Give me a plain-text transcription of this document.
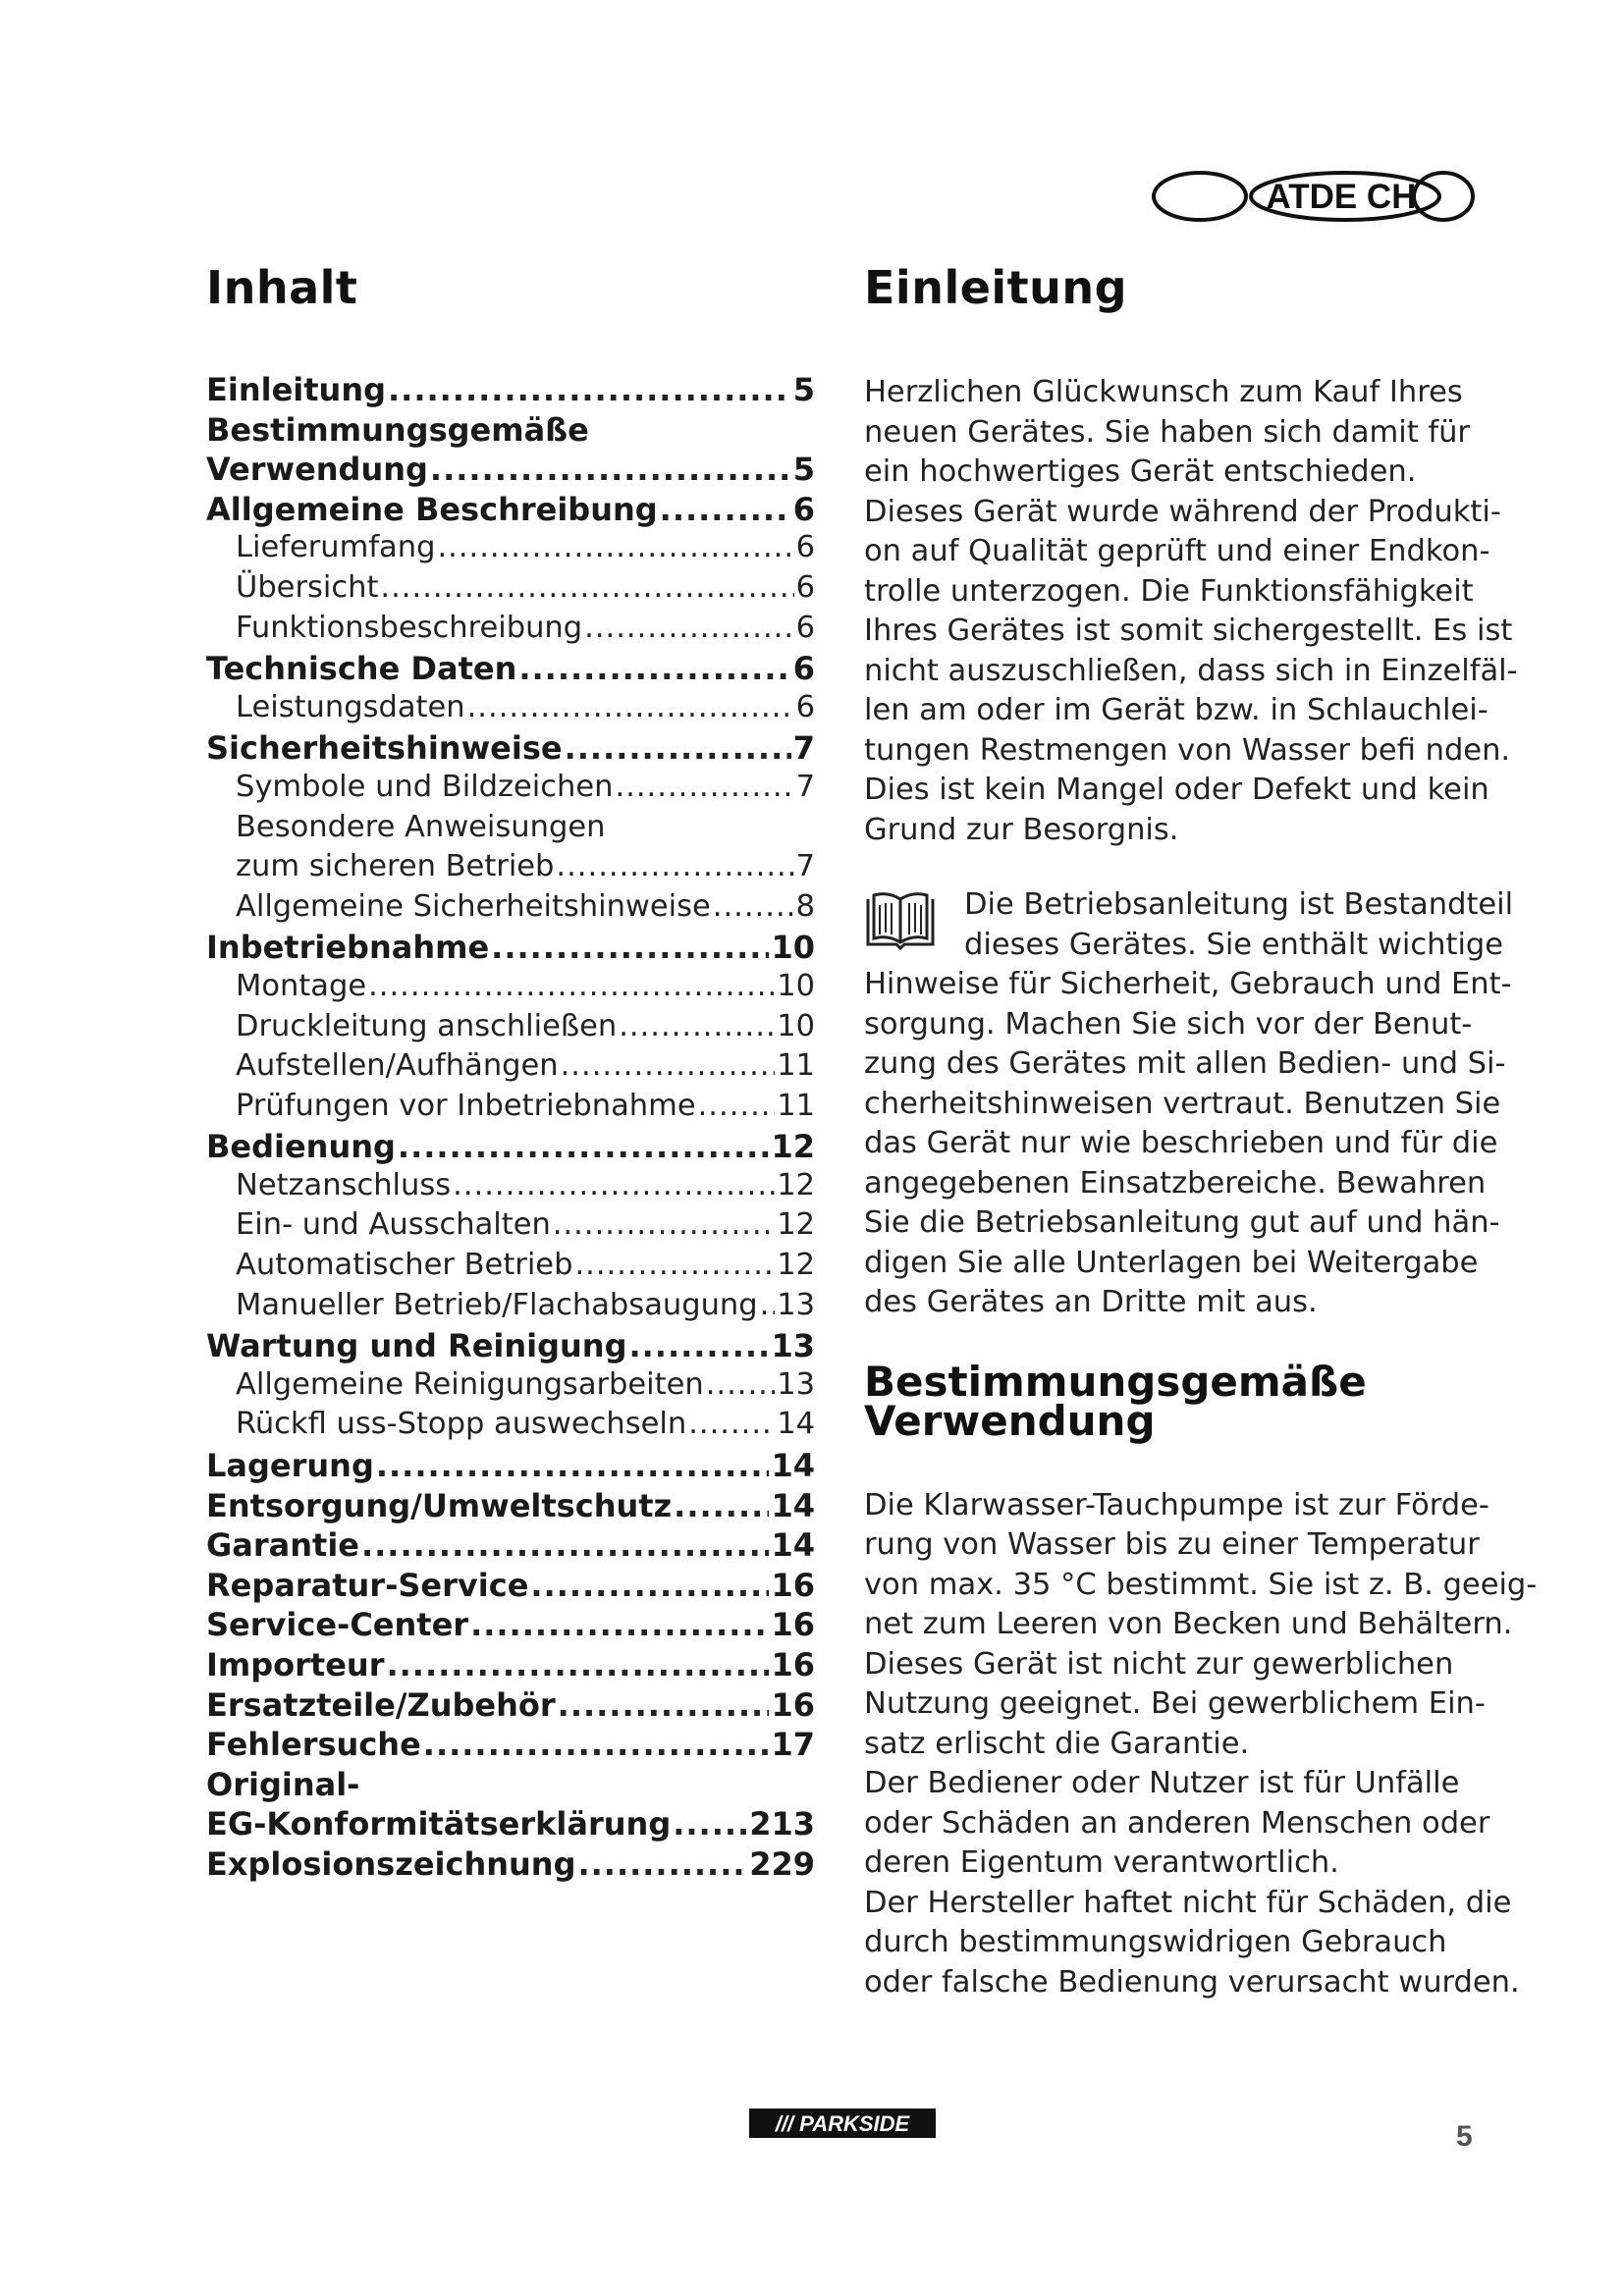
ATDE CH
Inhalt
Einleitung .....	5
Bestimmungsgemäße
Verwendung .....	5
Allgemeine Beschreibung .....	6
Lieferumfang .....	6
Übersicht .....	6
Funktionsbeschreibung .....	6
Technische Daten .....	6
Leistungsdaten .....	6
Sicherheitshinweise .....	7
Symbole und Bildzeichen .....	7
Besondere Anweisungen
zum sicheren Betrieb .....	7
Allgemeine Sicherheitshinweise .....	8
Inbetriebnahme .....	10
Montage .....	10
Druckleitung anschließen .....	10
Aufstellen/Aufhängen .....	11
Prüfungen vor Inbetriebnahme .....	11
Bedienung .....	12
Netzanschluss .....	12
Ein- und Ausschalten .....	12
Automatischer Betrieb .....	12
Manueller Betrieb/Flachabsaugung ..... 13
Wartung und Reinigung .....	13
Allgemeine Reinigungsarbeiten ..... 13
Rückfl uss-Stopp auswechseln .....	14
Lagerung .....	14
Entsorgung/Umweltschutz .....	14
Garantie .....	14
Reparatur-Service .....	16
Service-Center .....	16
Importeur .....	16
Ersatzteile/Zubehör .....	16
Fehlersuche .....	17
Original-
EG-Konformitätserklärung ..... 213
Explosionszeichnung .....	229
Einleitung

Herzlichen Glückwunsch zum Kauf Ihres
neuen Gerätes. Sie haben sich damit für
ein hochwertiges Gerät entschieden.
Dieses Gerät wurde während der Produkti-
on auf Qualität geprüft und einer Endkon-
trolle unterzogen. Die Funktionsfähigkeit
Ihres Gerätes ist somit sichergestellt. Es ist
nicht auszuschließen, dass sich in Einzelfäl-
len am oder im Gerät bzw. in Schlauchlei-
tungen Restmengen von Wasser befi nden.
Dies ist kein Mangel oder Defekt und kein
Grund zur Besorgnis.

Die Betriebsanleitung ist Bestandteil
dieses Gerätes. Sie enthält wichtige
Hinweise für Sicherheit, Gebrauch und Ent-
sorgung. Machen Sie sich vor der Benut-
zung des Gerätes mit allen Bedien- und Si-
cherheitshinweisen vertraut. Benutzen Sie
das Gerät nur wie beschrieben und für die
angegebenen Einsatzbereiche. Bewahren
Sie die Betriebsanleitung gut auf und hän-
digen Sie alle Unterlagen bei Weitergabe
des Gerätes an Dritte mit aus.

Bestimmungsgemäße
Verwendung

Die Klarwasser-Tauchpumpe ist zur Förde-
rung von Wasser bis zu einer Temperatur
von max. 35 °C bestimmt. Sie ist z. B. geeig-
net zum Leeren von Becken und Behältern.
Dieses Gerät ist nicht zur gewerblichen
Nutzung geeignet. Bei gewerblichem Ein-
satz erlischt die Garantie.
Der Bediener oder Nutzer ist für Unfälle
oder Schäden an anderen Menschen oder
deren Eigentum verantwortlich.
Der Hersteller haftet nicht für Schäden, die
durch bestimmungswidrigen Gebrauch
oder falsche Bedienung verursacht wurden.

/// PARKSIDE	5
